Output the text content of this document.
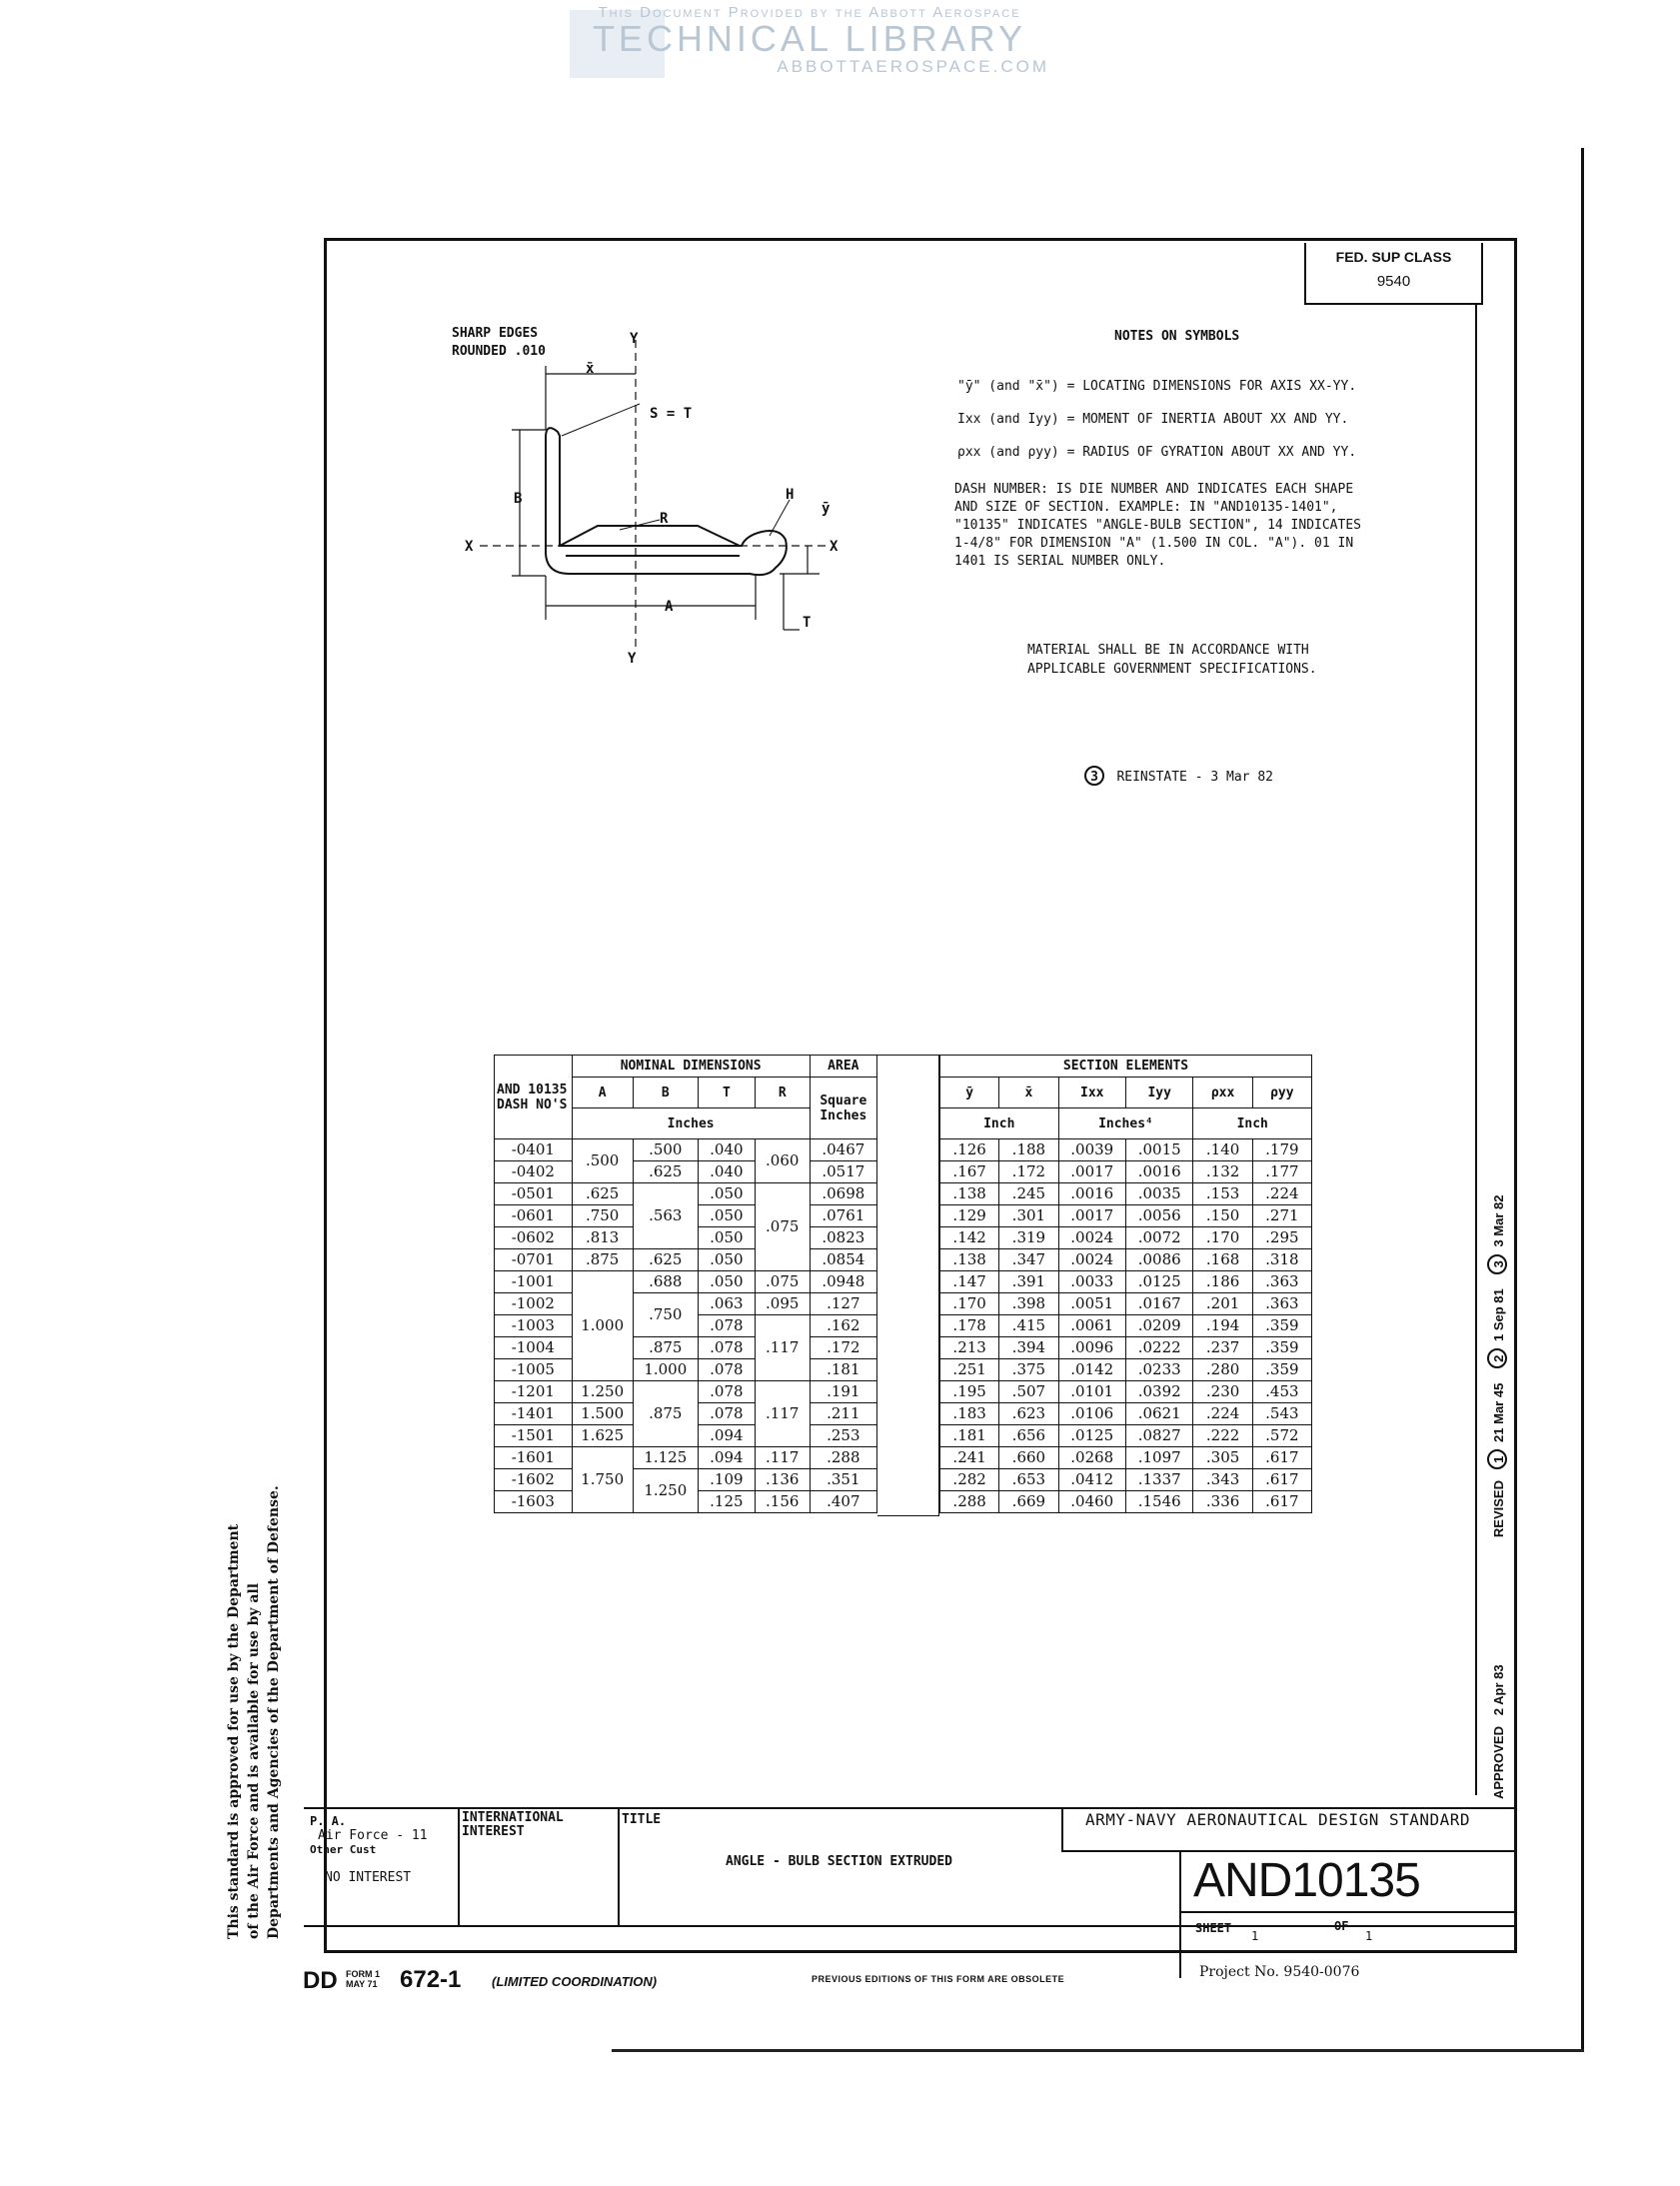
This Document Provided by the Abbott Aerospace
TECHNICAL LIBRARY
ABBOTTAEROSPACE.COM
FED. SUP CLASS
9540
SHARP EDGES
ROUNDED .010
Y
Y
X	X
x̄
S = T
B
R
H
ȳ
A
T
NOTES ON SYMBOLS
"ȳ" (and "x̄") = LOCATING DIMENSIONS FOR AXIS XX-YY.
Ixx (and Iyy) = MOMENT OF INERTIA ABOUT XX AND YY.
ρxx (and ρyy) = RADIUS OF GYRATION ABOUT XX AND YY.
DASH NUMBER: IS DIE NUMBER AND INDICATES EACH SHAPE
AND SIZE OF SECTION. EXAMPLE: IN "AND10135-1401",
"10135" INDICATES "ANGLE-BULB SECTION", 14 INDICATES
1-4/8" FOR DIMENSION "A" (1.500 IN COL. "A"). 01 IN
1401 IS SERIAL NUMBER ONLY.
MATERIAL SHALL BE IN ACCORDANCE WITH
APPLICABLE GOVERNMENT SPECIFICATIONS.
3 REINSTATE - 3 Mar 82
AND 10135 DASH NO'S	NOMINAL DIMENSIONS				AREA
	A	B	T	R	Square Inches
	Inches				
-0401	.500	.500	.040	.060	.0467
-0402		.625	.040		.0517
-0501	.625	.563	.050	.075	.0698
-0601	.750		.050		.0761
-0602	.813		.050		.0823
-0701	.875	.625	.050		.0854
-1001	1.000	.688	.050	.075	.0948
-1002		.750	.063	.095	.127
-1003			.078	.117	.162
-1004		.875	.078		.172
-1005		1.000	.078		.181
-1201	1.250	.875	.078	.117	.191
-1401	1.500		.078		.211
-1501	1.625		.094		.253
-1601	1.750	1.125	.094	.117	.288
-1602		1.250	.109	.136	.351
-1603			.125	.156	.407
SECTION ELEMENTS					
ȳ	x̄	Ixx	Iyy	ρxx	ρyy
Inch		Inches⁴		Inch	
.126	.188	.0039	.0015	.140	.179
.167	.172	.0017	.0016	.132	.177
.138	.245	.0016	.0035	.153	.224
.129	.301	.0017	.0056	.150	.271
.142	.319	.0024	.0072	.170	.295
.138	.347	.0024	.0086	.168	.318
.147	.391	.0033	.0125	.186	.363
.170	.398	.0051	.0167	.201	.363
.178	.415	.0061	.0209	.194	.359
.213	.394	.0096	.0222	.237	.359
.251	.375	.0142	.0233	.280	.359
.195	.507	.0101	.0392	.230	.453
.183	.623	.0106	.0621	.224	.543
.181	.656	.0125	.0827	.222	.572
.241	.660	.0268	.1097	.305	.617
.282	.653	.0412	.1337	.343	.617
.288	.669	.0460	.1546	.336	.617
APPROVED   2 Apr 83  REVISED   1  21 Mar 45    2  1 Sep 81    3  3 Mar 82
This standard is approved for use by the Department of the Air Force and is available for use by all Departments and Agencies of the Department of Defense. P. A.
Air Force - 11
Other Cust
NO INTEREST
INTERNATIONAL
INTEREST
TITLE
ANGLE - BULB SECTION EXTRUDED
ARMY-NAVY AERONAUTICAL DESIGN STANDARD
AND10135
SHEET
1
OF
1
DD FORM 1 MAY 71 672-1 (LIMITED COORDINATION)	PREVIOUS EDITIONS OF THIS FORM ARE OBSOLETE	Project No. 9540-0076
